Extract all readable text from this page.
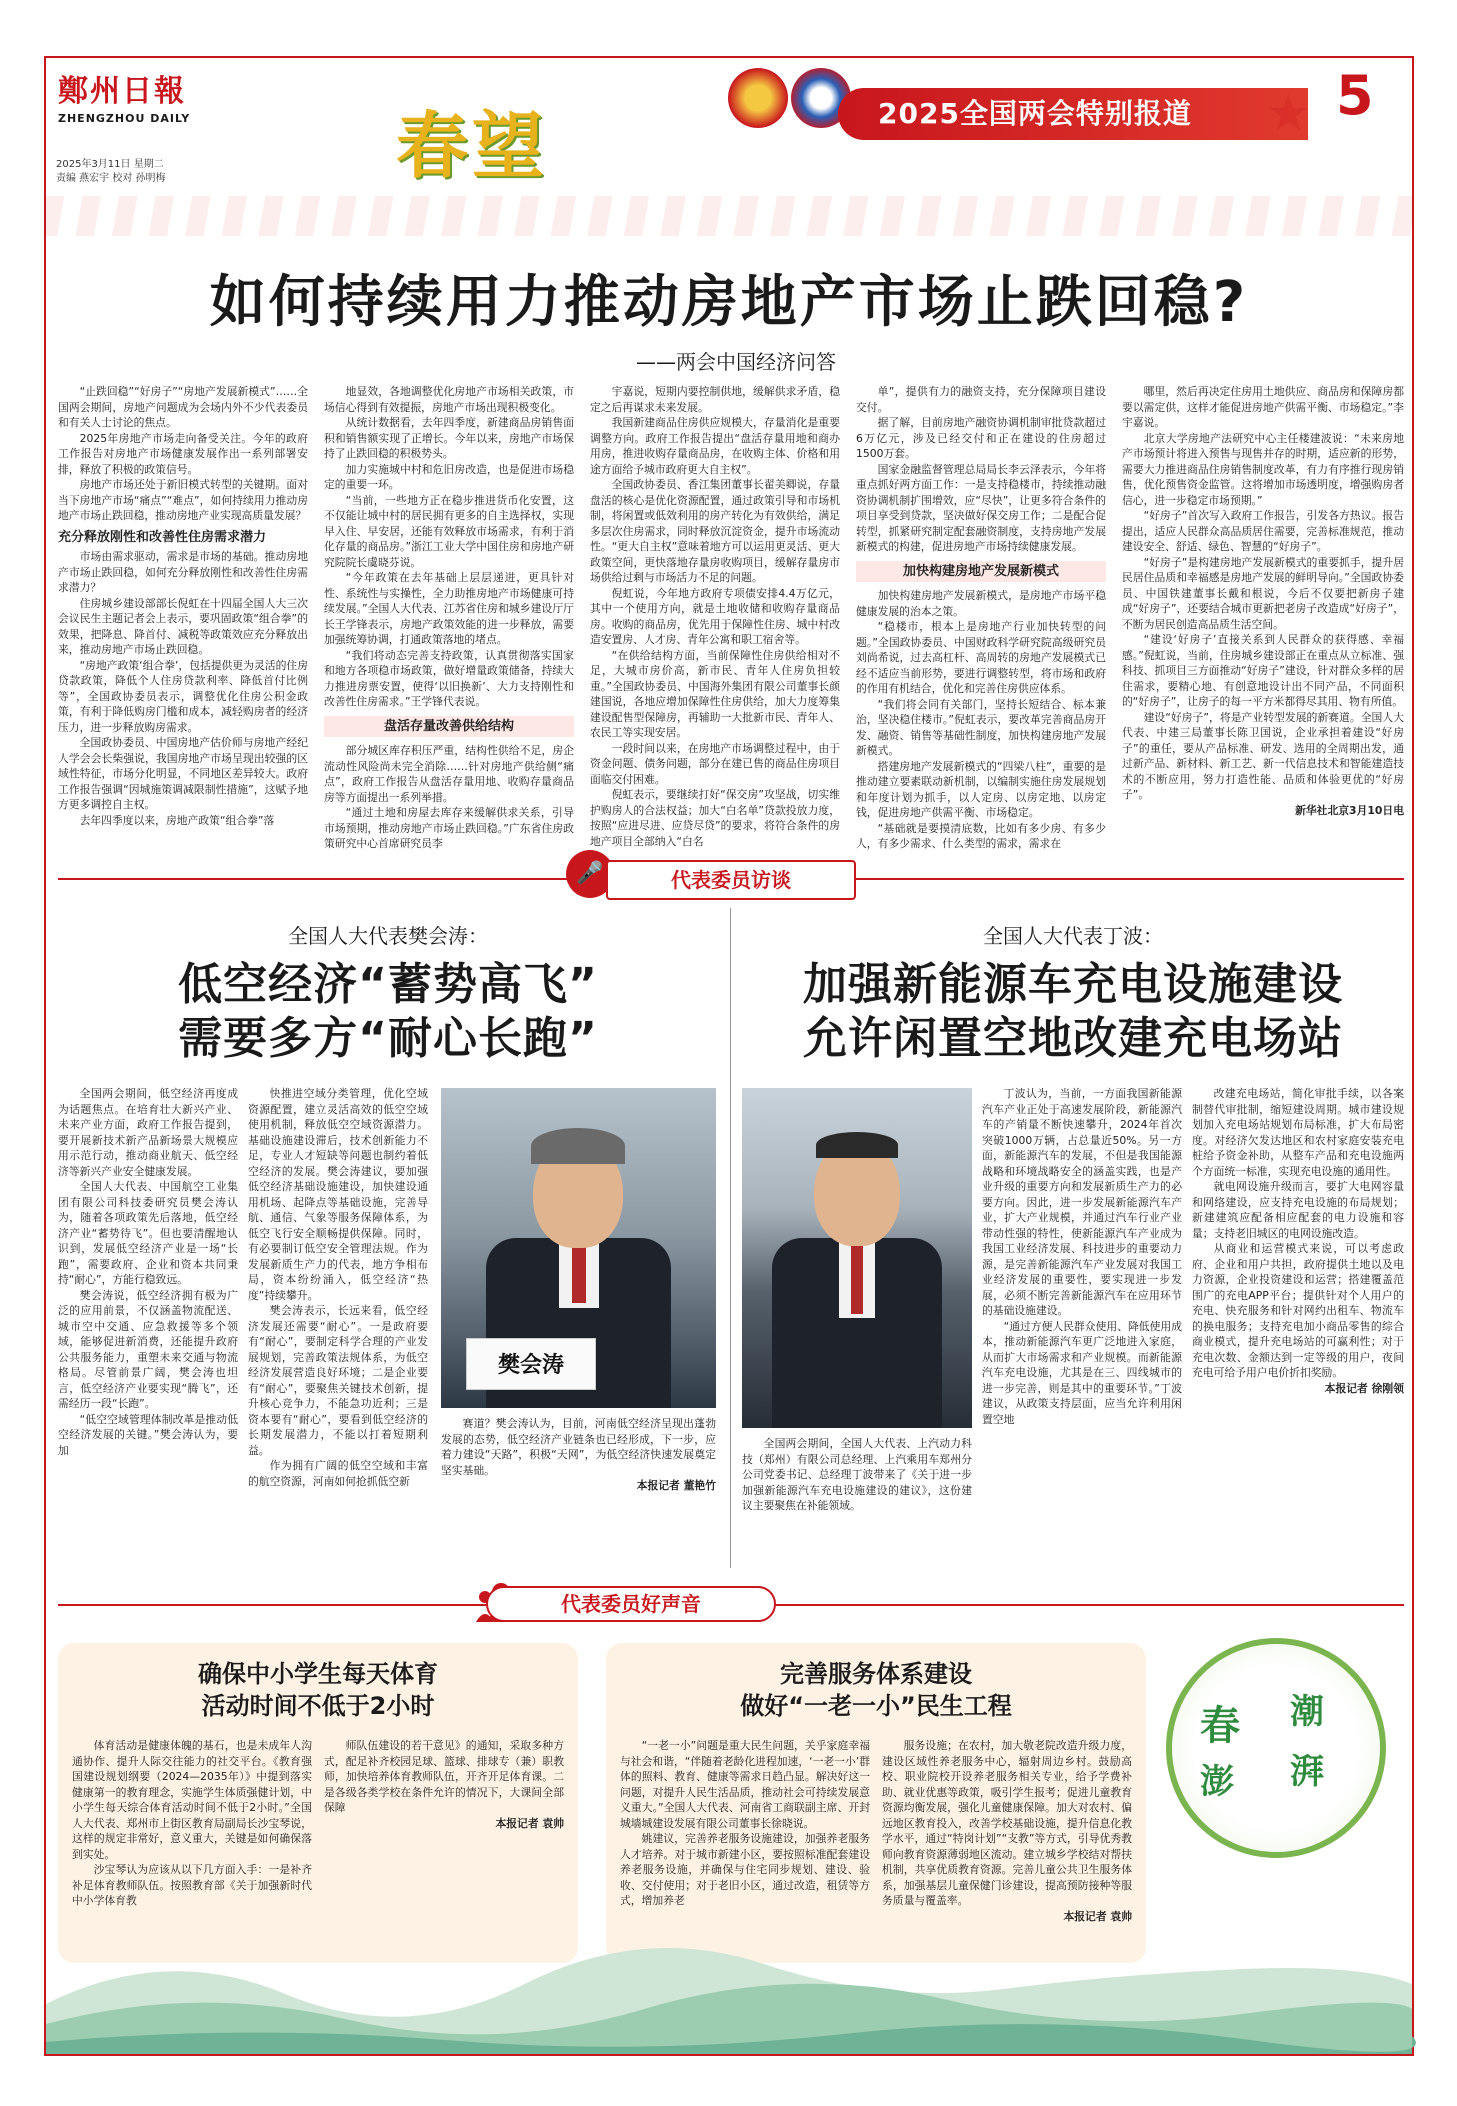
鄭州日報
ZHENGZHOU DAILY
2025年3月11日 星期二
责编 燕宏宇 校对 孙明梅	春望	2025全国两会特别报道	★ 5
如何持续用力推动房地产市场止跌回稳?
——两会中国经济问答

“止跌回稳”“好房子”“房地产发展新模式”……全国两会期间，房地产问题成为会场内外不少代表委员和有关人士讨论的焦点。

2025年房地产市场走向备受关注。今年的政府工作报告对房地产市场健康发展作出一系列部署安排，释放了积极的政策信号。

房地产市场还处于新旧模式转型的关键期。面对当下房地产市场“痛点”“难点”，如何持续用力推动房地产市场止跌回稳，推动房地产业实现高质量发展？

充分释放刚性和改善性住房需求潜力

市场由需求驱动，需求是市场的基础。推动房地产市场止跌回稳，如何充分释放刚性和改善性住房需求潜力？

住房城乡建设部部长倪虹在十四届全国人大三次会议民生主题记者会上表示，要巩固政策“组合拳”的效果，把降息、降首付、减税等政策效应充分释放出来，推动房地产市场止跌回稳。

“房地产政策‘组合拳’，包括提供更为灵活的住房贷款政策，降低个人住房贷款利率、降低首付比例等”，全国政协委员表示，调整优化住房公积金政策，有利于降低购房门槛和成本，减轻购房者的经济压力，进一步释放购房需求。

全国政协委员、中国房地产估价师与房地产经纪人学会会长柴强说，我国房地产市场呈现出较强的区域性特征，市场分化明显，不同地区差异较大。政府工作报告强调“因城施策调减限制性措施”，这赋予地方更多调控自主权。

去年四季度以来，房地产政策“组合拳”落

地显效，各地调整优化房地产市场相关政策，市场信心得到有效提振，房地产市场出现积极变化。

从统计数据看，去年四季度，新建商品房销售面积和销售额实现了正增长。今年以来，房地产市场保持了止跌回稳的积极势头。

加力实施城中村和危旧房改造，也是促进市场稳定的重要一环。

“当前，一些地方正在稳步推进货币化安置，这不仅能让城中村的居民拥有更多的自主选择权，实现早入住、早安居，还能有效释放市场需求，有利于消化存量的商品房。”浙江工业大学中国住房和房地产研究院院长虞晓芬说。

“今年政策在去年基础上层层递进，更具针对性、系统性与实操性，全力助推房地产市场健康可持续发展。”全国人大代表、江苏省住房和城乡建设厅厅长王学锋表示，房地产政策效能的进一步释放，需要加强统筹协调，打通政策落地的堵点。

“我们将动态完善支持政策，认真贯彻落实国家和地方各项稳市场政策，做好增量政策储备，持续大力推进房票安置，使得‘以旧换新’、大力支持刚性和改善性住房需求。”王学锋代表说。

盘活存量改善供给结构

部分城区库存积压严重，结构性供给不足，房企流动性风险尚未完全消除……针对房地产供给侧“痛点”，政府工作报告从盘活存量用地、收购存量商品房等方面提出一系列举措。

“通过土地和房屋去库存来缓解供求关系，引导市场预期，推动房地产市场止跌回稳。”广东省住房政策研究中心首席研究员李

宇嘉说，短期内要控制供地，缓解供求矛盾，稳定之后再谋求未来发展。

我国新建商品住房供应规模大，存量消化是重要调整方向。政府工作报告提出“盘活存量用地和商办用房，推进收购存量商品房，在收购主体、价格和用途方面给予城市政府更大自主权”。

全国政协委员、香江集团董事长翟美卿说，存量盘活的核心是优化资源配置，通过政策引导和市场机制，将闲置或低效利用的房产转化为有效供给，满足多层次住房需求，同时释放沉淀资金，提升市场流动性。“更大自主权”意味着地方可以运用更灵活、更大政策空间，更快落地存量房收购项目，缓解存量房市场供给过剩与市场活力不足的问题。

倪虹说，今年地方政府专项债安排4.4万亿元，其中一个使用方向，就是土地收储和收购存量商品房。收购的商品房，优先用于保障性住房、城中村改造安置房、人才房、青年公寓和职工宿舍等。

“在供给结构方面，当前保障性住房供给相对不足，大城市房价高，新市民、青年人住房负担较重。”全国政协委员、中国海外集团有限公司董事长颜建国说，各地应增加保障性住房供给，加大力度筹集建设配售型保障房，再辅助一大批新市民、青年人、农民工等实现安居。

一段时间以来，在房地产市场调整过程中，由于资金问题、债务问题，部分在建已售的商品住房项目面临交付困难。

倪虹表示，要继续打好“保交房”攻坚战，切实维护购房人的合法权益；加大“白名单”贷款投放力度，按照“应进尽进、应贷尽贷”的要求，将符合条件的房地产项目全部纳入“白名

单”，提供有力的融资支持，充分保障项目建设交付。

据了解，目前房地产融资协调机制审批贷款超过6万亿元，涉及已经交付和正在建设的住房超过1500万套。

国家金融监督管理总局局长李云泽表示，今年将重点抓好两方面工作：一是支持稳楼市，持续推动融资协调机制扩围增效，应“尽快”，让更多符合条件的项目享受到贷款，坚决做好保交房工作；二是配合促转型，抓紧研究制定配套融资制度，支持房地产发展新模式的构建，促进房地产市场持续健康发展。

加快构建房地产发展新模式

加快构建房地产发展新模式，是房地产市场平稳健康发展的治本之策。

“稳楼市，根本上是房地产行业加快转型的问题。”全国政协委员、中国财政科学研究院高级研究员刘尚希说，过去高杠杆、高周转的房地产发展模式已经不适应当前形势，要进行调整转型，将市场和政府的作用有机结合，优化和完善住房供应体系。

“我们将会同有关部门，坚持长短结合、标本兼治，坚决稳住楼市。”倪虹表示，要改革完善商品房开发、融资、销售等基础性制度，加快构建房地产发展新模式。

搭建房地产发展新模式的“四梁八柱”，重要的是推动建立要素联动新机制，以编制实施住房发展规划和年度计划为抓手，以人定房、以房定地、以房定钱，促进房地产供需平衡、市场稳定。

“基础就是要摸清底数，比如有多少房、有多少人，有多少需求、什么类型的需求，需求在

哪里，然后再决定住房用土地供应、商品房和保障房都要以需定供，这样才能促进房地产供需平衡、市场稳定。”李宇嘉说。

北京大学房地产法研究中心主任楼建波说：“未来房地产市场预计将进入预售与现售并存的时期，适应新的形势，需要大力推进商品住房销售制度改革，有力有序推行现房销售，优化预售资金监管。这将增加市场透明度，增强购房者信心，进一步稳定市场预期。”

“好房子”首次写入政府工作报告，引发各方热议。报告提出，适应人民群众高品质居住需要，完善标准规范，推动建设安全、舒适、绿色、智慧的“好房子”。

“好房子”是构建房地产发展新模式的重要抓手，提升居民居住品质和幸福感是房地产发展的鲜明导向。”全国政协委员、中国铁建董事长戴和根说，今后不仅要把新房子建成“好房子”，还要结合城市更新把老房子改造成“好房子”，不断为居民创造高品质生活空间。

“建设‘好房子’直接关系到人民群众的获得感、幸福感。”倪虹说，当前，住房城乡建设部正在重点从立标准、强科技、抓项目三方面推动“好房子”建设，针对群众多样的居住需求，要精心地、有创意地设计出不同产品，不同面积的“好房子”，让房子的每一平方米都得尽其用、物有所值。

建设“好房子”，将是产业转型发展的新赛道。全国人大代表、中建三局董事长陈卫国说，企业承担着建设“好房子”的重任，要从产品标准、研发、选用的全周期出发，通过新产品、新材料、新工艺、新一代信息技术和智能建造技术的不断应用，努力打造性能、品质和体验更优的“好房子”。

新华社北京3月10日电

🎤	代表委员访谈
全国人大代表樊会涛：
低空经济“蓄势高飞”
需要多方“耐心长跑”

全国两会期间，低空经济再度成为话题焦点。在培育壮大新兴产业、未来产业方面，政府工作报告提到，要开展新技术新产品新场景大规模应用示范行动，推动商业航天、低空经济等新兴产业安全健康发展。

全国人大代表、中国航空工业集团有限公司科技委研究员樊会涛认为，随着各项政策先后落地，低空经济产业“蓄势待飞”。但也要清醒地认识到，发展低空经济产业是一场“长跑”，需要政府、企业和资本共同秉持“耐心”，方能行稳致远。

樊会涛说，低空经济拥有极为广泛的应用前景，不仅涵盖物流配送、城市空中交通、应急救援等多个领域，能够促进新消费，还能提升政府公共服务能力，重塑未来交通与物流格局。尽管前景广阔，樊会涛也坦言，低空经济产业要实现“腾飞”，还需经历一段“长跑”。

“低空空域管理体制改革是推动低空经济发展的关键。”樊会涛认为，要加

快推进空域分类管理，优化空域资源配置，建立灵活高效的低空空域使用机制，释放低空空域资源潜力。基础设施建设滞后，技术创新能力不足，专业人才短缺等问题也制约着低空经济的发展。樊会涛建议，要加强低空经济基础设施建设，加快建设通用机场、起降点等基础设施，完善导航、通信、气象等服务保障体系，为低空飞行安全顺畅提供保障。同时，有必要制订低空安全管理法规。作为发展新质生产力的代表，地方争相布局，资本纷纷涌入，低空经济“热度”持续攀升。

樊会涛表示，长远来看，低空经济发展还需要“耐心”。一是政府要有“耐心”，要制定科学合理的产业发展规划，完善政策法规体系，为低空经济发展营造良好环境；二是企业要有“耐心”，要聚焦关键技术创新，提升核心竞争力，不能急功近利；三是资本要有“耐心”，要看到低空经济的长期发展潜力，不能以打着短期利益。

作为拥有广阔的低空空域和丰富的航空资源，河南如何抢抓低空新

樊会涛

赛道？樊会涛认为，目前，河南低空经济呈现出蓬勃发展的态势，低空经济产业链条也已经形成，下一步，应着力建设“天路”，积极“天网”，为低空经济快速发展奠定坚实基础。

本报记者 董艳竹

全国人大代表丁波：
加强新能源车充电设施建设
允许闲置空地改建充电场站

全国两会期间，全国人大代表、上汽动力科技（郑州）有限公司总经理、上汽乘用车郑州分公司党委书记、总经理丁波带来了《关于进一步加强新能源汽车充电设施建设的建议》，这份建议主要聚焦在补能领域。

丁波认为，当前，一方面我国新能源汽车产业正处于高速发展阶段，新能源汽车的产销量不断快速攀升，2024年首次突破1000万辆，占总量近50%。另一方面，新能源汽车的发展，不但是我国能源战略和环境战略安全的涵盖实践，也是产业升级的重要方向和发展新质生产力的必要方向。因此，进一步发展新能源汽车产业，扩大产业规模，并通过汽车行业产业带动性强的特性，使新能源汽车产业成为我国工业经济发展、科技进步的重要动力源，是完善新能源汽车产业发展对我国工业经济发展的重要性，要实现进一步发展，必须不断完善新能源汽车在应用环节的基础设施建设。

“通过方便人民群众使用、降低使用成本，推动新能源汽车更广泛地进入家庭，从而扩大市场需求和产业规模。而新能源汽车充电设施，尤其是在三、四线城市的进一步完善，则是其中的重要环节。”丁波建议，从政策支持层面，应当允许利用闲置空地

改建充电场站，简化审批手续，以各案制替代审批制，缩短建设周期。城市建设规划加入充电场站规划布局标准，扩大布局密度。对经济欠发达地区和农村家庭安装充电桩给予资金补助，从整车产品和充电设施两个方面统一标准，实现充电设施的通用性。

就电网设施升级而言，要扩大电网容量和网络建设，应支持充电设施的布局规划；新建建筑应配备相应配套的电力设施和容量；支持老旧城区的电网设施改造。

从商业和运营模式来说，可以考虑政府、企业和用户共担，政府提供土地以及电力资源，企业投资建设和运营；搭建覆盖范围广的充电APP平台；提供针对个人用户的充电、快充服务和针对网约出租车、物流车的换电服务；支持充电加小商品零售的综合商业模式，提升充电场站的可赢利性；对于充电次数、金额达到一定等级的用户，夜间充电可给予用户电价折扣奖励。

本报记者 徐刚领

代表委员好声音
确保中小学生每天体育
活动时间不低于2小时

体育活动是健康体魄的基石，也是未成年人沟通协作、提升人际交往能力的社交平台。《教育强国建设规划纲要（2024—2035年）》中提到落实健康第一的教育理念，实施学生体质强健计划，中小学生每天综合体育活动时间不低于2小时。”全国人大代表、郑州市上街区教育局副局长沙宝琴说，这样的规定非常好，意义重大，关键是如何确保落到实处。

沙宝琴认为应该从以下几方面入手：一是补齐补足体育教师队伍。按照教育部《关于加强新时代中小学体育教

师队伍建设的若干意见》的通知，采取多种方式，配足补齐校园足球、篮球、排球专（兼）职教师，加快培养体育教师队伍，开齐开足体育课。二是各级各类学校在条件允许的情况下，大课间全部保障

本报记者 袁帅

完善服务体系建设
做好“一老一小”民生工程

“一老一小”问题是重大民生问题，关乎家庭幸福与社会和谐，“伴随着老龄化进程加速，‘一老一小’群体的照料、教育、健康等需求日趋凸显。解决好这一问题，对提升人民生活品质，推动社会可持续发展意义重大。”全国人大代表、河南省工商联副主席、开封城墙城建设发展有限公司董事长徐晓说。

姚建议，完善养老服务设施建设，加强养老服务人才培养。对于城市新建小区，要按照标准配套建设养老服务设施，并确保与住宅同步规划、建设、验收、交付使用；对于老旧小区，通过改造，租赁等方式，增加养老

服务设施；在农村，加大敬老院改造升级力度，建设区域性养老服务中心，辐射周边乡村。鼓励高校、职业院校开设养老服务相关专业，给予学费补助、就业优惠等政策，吸引学生报考；促进儿童教育资源均衡发展，强化儿童健康保障。加大对农村、偏远地区教育投入，改善学校基础设施，提升信息化教学水平，通过“特岗计划”“支教”等方式，引导优秀教师向教育资源薄弱地区流动。建立城乡学校结对帮扶机制，共享优质教育资源。完善儿童公共卫生服务体系，加强基层儿童保健门诊建设，提高预防接种等服务质量与覆盖率。

本报记者 袁帅

春 潮
湃
澎
